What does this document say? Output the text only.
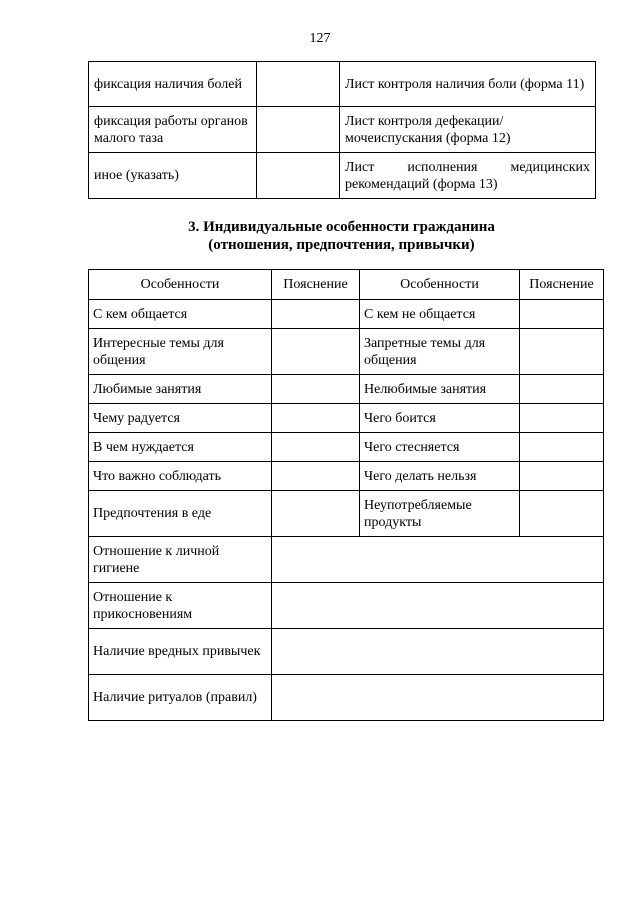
127
фиксация наличия болей		Лист контроля наличия боли (форма 11)
фиксация работы органов малого таза		Лист контроля дефекации/ мочеиспускания (форма 12)
иное (указать)		Лист исполнения медицинских
рекомендаций (форма 13)
3. Индивидуальные особенности гражданина
(отношения, предпочтения, привычки)
Особенности	Пояснение	Особенности	Пояснение
С кем общается		С кем не общается	
Интересные темы для общения		Запретные темы для общения	
Любимые занятия		Нелюбимые занятия	
Чему радуется		Чего боится	
В чем нуждается		Чего стесняется	
Что важно соблюдать		Чего делать нельзя	
Предпочтения в еде		Неупотребляемые продукты	
Отношение к личной гигиене			
Отношение к прикосновениям			
Наличие вредных привычек			
Наличие ритуалов (правил)			
